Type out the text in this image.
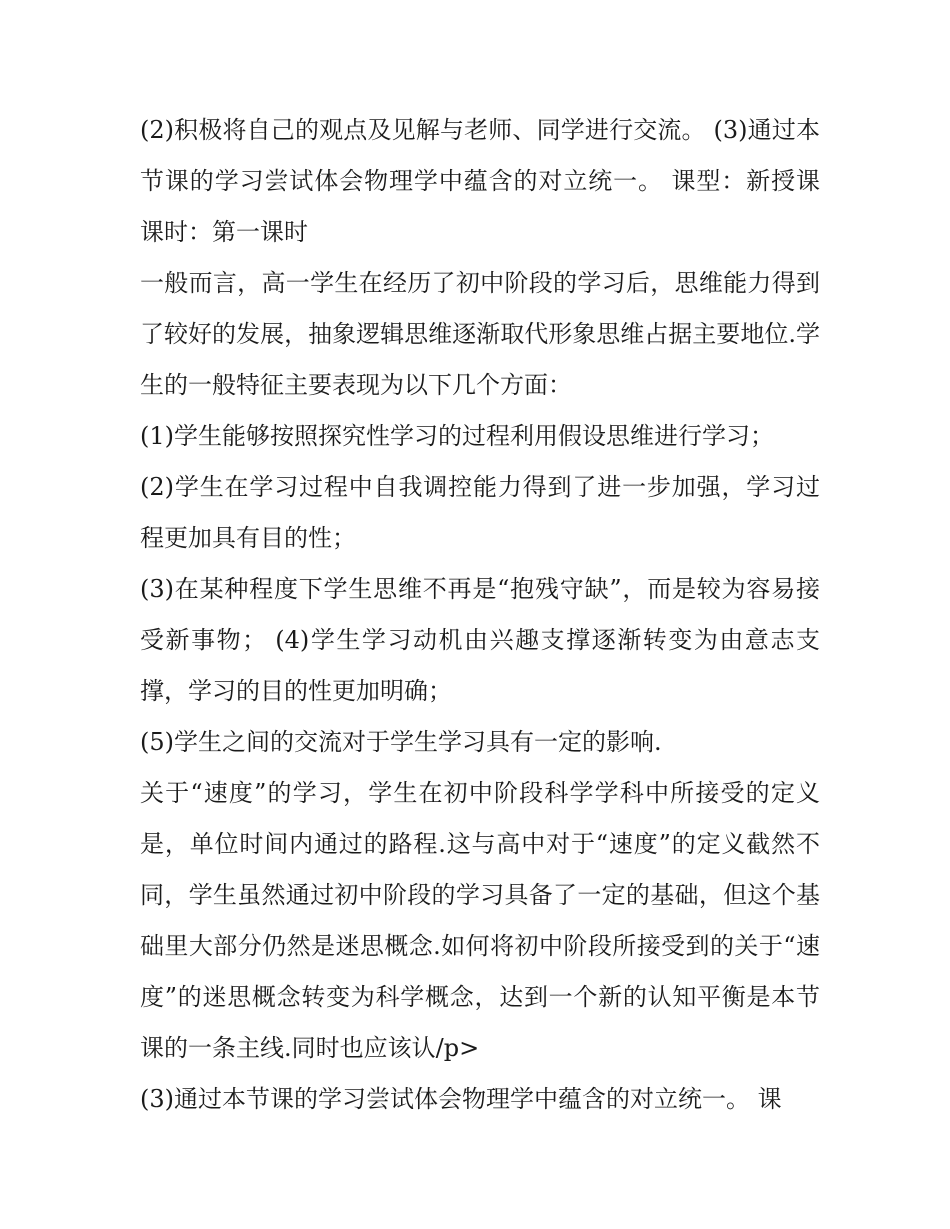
(2)积极将自己的观点及见解与老师、同学进行交流。 (3)通过本节课的学习尝试体会物理学中蕴含的对立统一。 课型：新授课 课时：第一课时

一般而言，高一学生在经历了初中阶段的学习后，思维能力得到了较好的发展，抽象逻辑思维逐渐取代形象思维占据主要地位.学生的一般特征主要表现为以下几个方面：

(1)学生能够按照探究性学习的过程利用假设思维进行学习；

(2)学生在学习过程中自我调控能力得到了进一步加强，学习过程更加具有目的性；

(3)在某种程度下学生思维不再是“抱残守缺”，而是较为容易接受新事物； (4)学生学习动机由兴趣支撑逐渐转变为由意志支撑，学习的目的性更加明确；

(5)学生之间的交流对于学生学习具有一定的影响.

关于“速度”的学习，学生在初中阶段科学学科中所接受的定义是，单位时间内通过的路程.这与高中对于“速度”的定义截然不同，学生虽然通过初中阶段的学习具备了一定的基础，但这个基础里大部分仍然是迷思概念.如何将初中阶段所接受到的关于“速度”的迷思概念转变为科学概念，达到一个新的认知平衡是本节课的一条主线.同时也应该认/p>

(3)通过本节课的学习尝试体会物理学中蕴含的对立统一。 课
